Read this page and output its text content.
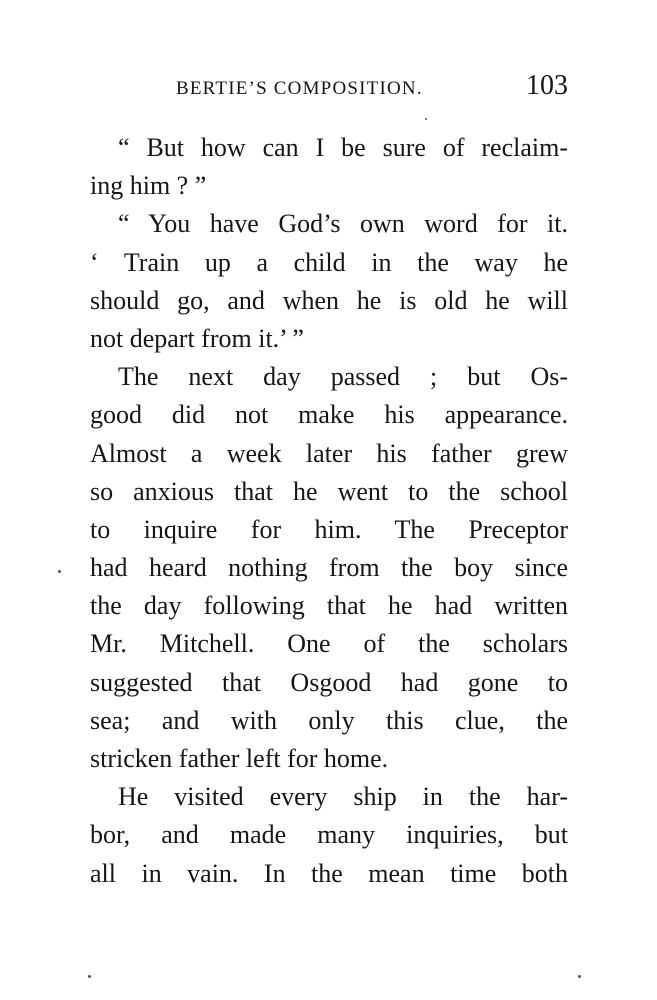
BERTIE’S COMPOSITION.	103
“ But how can I be sure of reclaim-
ing him ? ”
“ You have God’s own word for it.
‘ Train up a child in the way he
should go, and when he is old he will
not depart from it.’ ”
The next day passed ; but Os-
good did not make his appearance.
Almost a week later his father grew
so anxious that he went to the school
to inquire for him. The Preceptor
had heard nothing from the boy since
the day following that he had written
Mr. Mitchell. One of the scholars
suggested that Osgood had gone to
sea; and with only this clue, the
stricken father left for home.
He visited every ship in the har-
bor, and made many inquiries, but
all in vain. In the mean time both
